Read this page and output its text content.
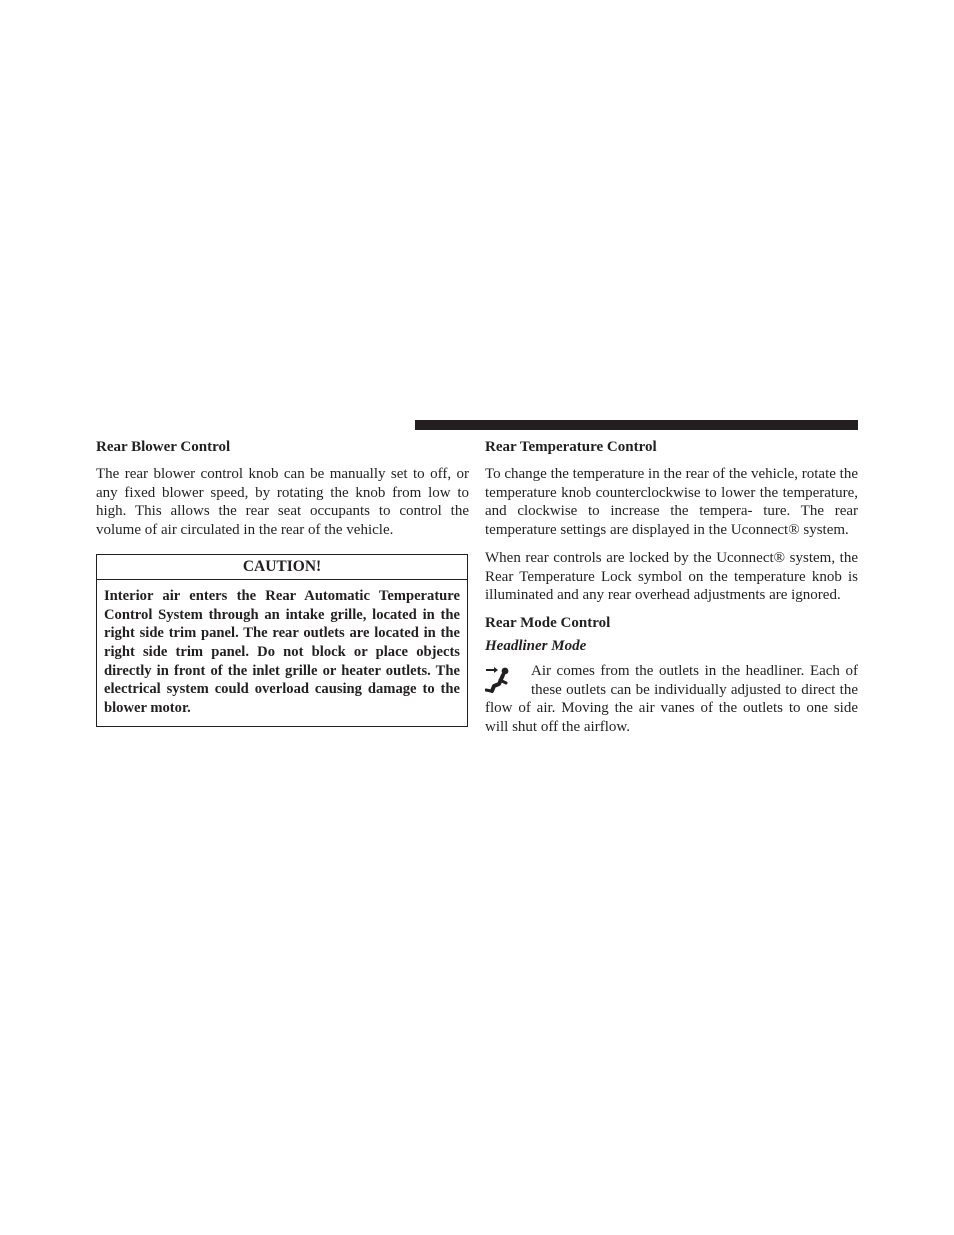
Rear Blower Control

The rear blower control knob can be manually set to off, or any fixed blower speed, by rotating the knob from low to high. This allows the rear seat occupants to control the volume of air circulated in the rear of the vehicle.

CAUTION!
Interior air enters the Rear Automatic Temperature Control System through an intake grille, located in the right side trim panel. The rear outlets are located in the right side trim panel. Do not block or place objects directly in front of the inlet grille or heater outlets. The electrical system could overload causing damage to the blower motor.
Rear Temperature Control

To change the temperature in the rear of the vehicle, rotate the temperature knob counterclockwise to lower the temperature, and clockwise to increase the tempera- ture. The rear temperature settings are displayed in the Uconnect® system.

When rear controls are locked by the Uconnect® system, the Rear Temperature Lock symbol on the temperature knob is illuminated and any rear overhead adjustments are ignored.

Rear Mode Control
Headliner Mode

Air comes from the outlets in the headliner. Each of these outlets can be individually adjusted to direct the flow of air. Moving the air vanes of the outlets to one side will shut off the airflow.
